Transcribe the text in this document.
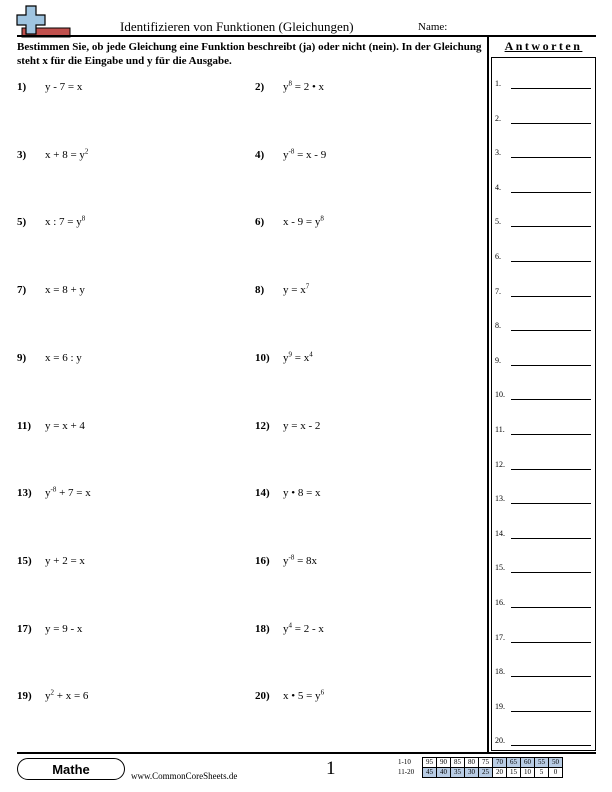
Identifizieren von Funktionen (Gleichungen)	Name:
Bestimmen Sie, ob jede Gleichung eine Funktion beschreibt (ja) oder nicht (nein). In der Gleichung steht x für die Eingabe und y für die Ausgabe.
Antworten
1.
2.
3.
4.
5.
6.
7.
8.
9.
10.
11.
12.
13.
14.
15.
16.
17.
18.
19.
20.
1) y - 7 = x	2) $y^8 = 2$ • x
3) $x + 8 = y^2$	4) $y^{-8} = x - 9$
5) x : $7 = y^8$	6) $x - 9 = y^8$
7) x = 8 + y	8) $y = x^7$
9) x = 6 : y	10) $y^9 = x^4$
11) y = x + 4	12) y = x - 2
13) $y^{-8} + 7 = x$	14) y • 8 = x
15) y + 2 = x	16) $y^{-8} = 8x$
17) y = 9 - x	18) $y^4 = 2 - x$
19) $y^2 + x = 6$	20) x • $5 = y^6$
Mathe	www.CommonCoreSheets.de	1	1-10	95	90	85	80	75	70	65	60	55	50
11-20	45	40	35	30	25	20	15	10	5	0
